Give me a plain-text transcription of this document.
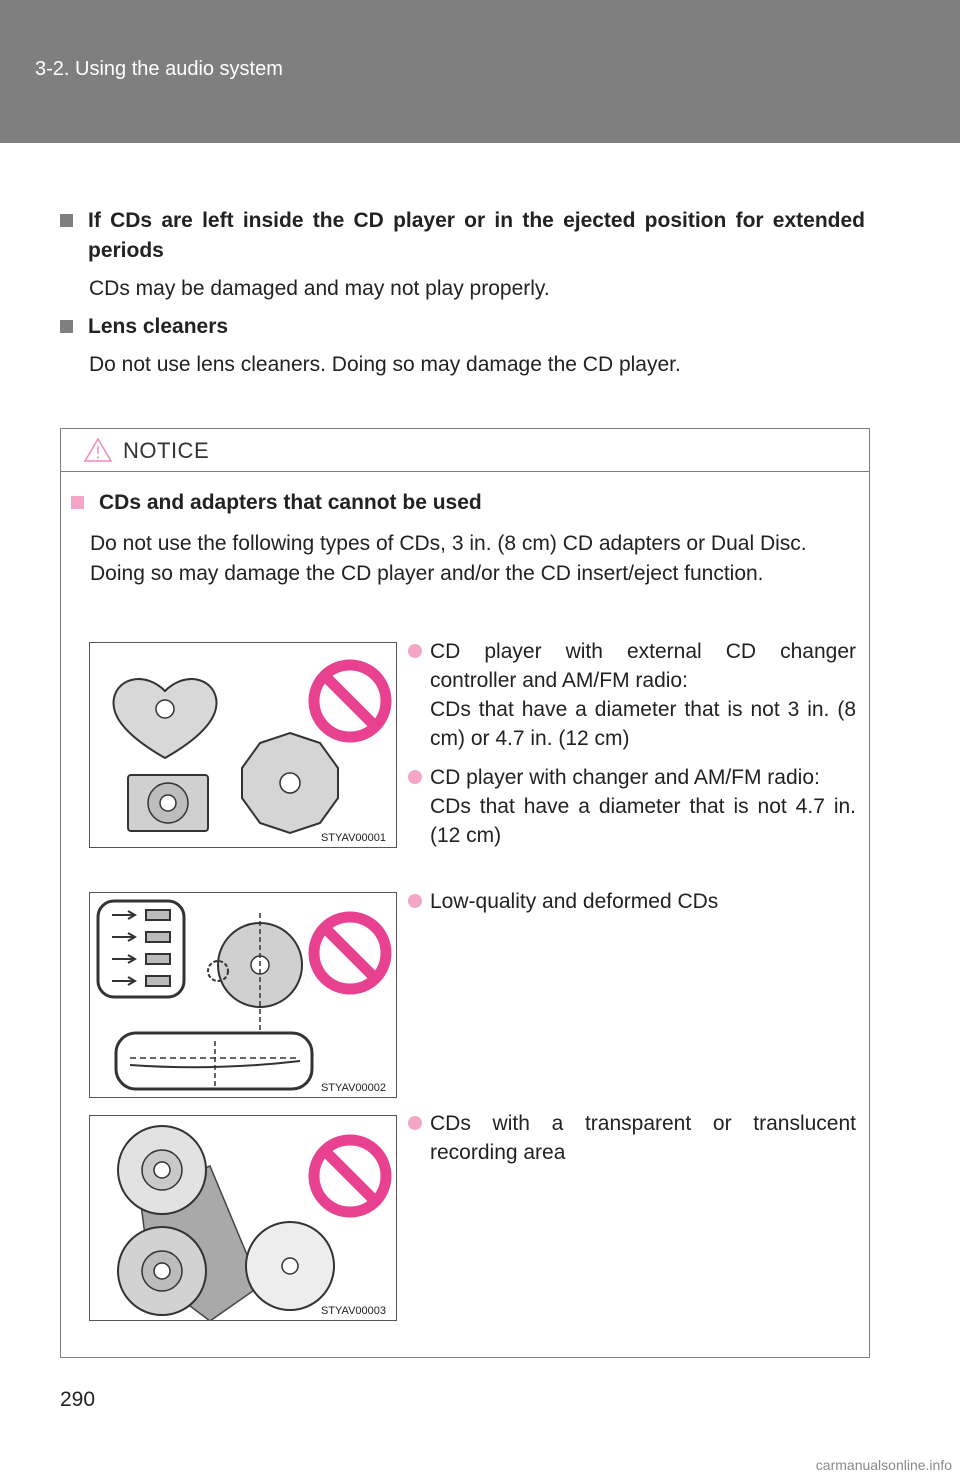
3-2. Using the audio system
If CDs are left inside the CD player or in the ejected position for extended periods
CDs may be damaged and may not play properly.
Lens cleaners
Do not use lens cleaners. Doing so may damage the CD player.
NOTICE
CDs and adapters that cannot be used
Do not use the following types of CDs, 3 in. (8 cm) CD adapters or Dual Disc.
Doing so may damage the CD player and/or the CD insert/eject function.
STYAV00001
STYAV00002
STYAV00003
CD player with external CD changer controller and AM/FM radio:
CDs that have a diameter that is not 3 in. (8 cm) or 4.7 in. (12 cm)
CD player with changer and AM/FM radio:
CDs that have a diameter that is not 4.7 in. (12 cm)
Low-quality and deformed CDs
CDs with a transparent or translucent recording area
290
carmanualsonline.info
